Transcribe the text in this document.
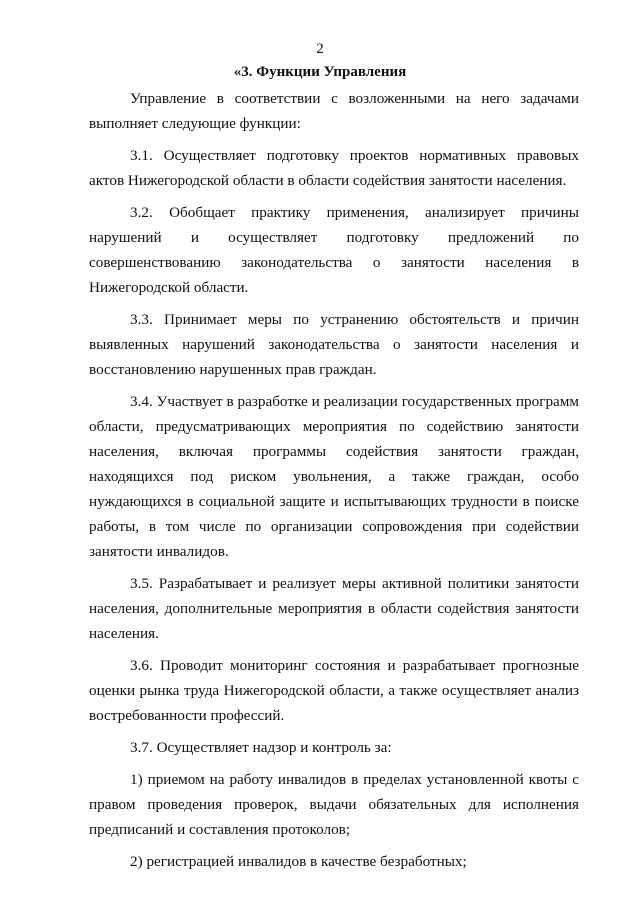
2
«3. Функции Управления

Управление в соответствии с возложенными на него задачами выполняет следующие функции:

3.1. Осуществляет подготовку проектов нормативных правовых актов Нижегородской области в области содействия занятости населения.

3.2. Обобщает практику применения, анализирует причины нарушений и осуществляет подготовку предложений по совершенствованию законодательства о занятости населения в Нижегородской области.

3.3. Принимает меры по устранению обстоятельств и причин выявленных нарушений законодательства о занятости населения и восстановлению нарушенных прав граждан.

3.4. Участвует в разработке и реализации государственных программ области, предусматривающих мероприятия по содействию занятости населения, включая программы содействия занятости граждан, находящихся под риском увольнения, а также граждан, особо нуждающихся в социальной защите и испытывающих трудности в поиске работы, в том числе по организации сопровождения при содействии занятости инвалидов.

3.5. Разрабатывает и реализует меры активной политики занятости населения, дополнительные мероприятия в области содействия занятости населения.

3.6. Проводит мониторинг состояния и разрабатывает прогнозные оценки рынка труда Нижегородской области, а также осуществляет анализ востребованности профессий.

3.7. Осуществляет надзор и контроль за:

1) приемом на работу инвалидов в пределах установленной квоты с правом проведения проверок, выдачи обязательных для исполнения предписаний и составления протоколов;

2) регистрацией инвалидов в качестве безработных;
